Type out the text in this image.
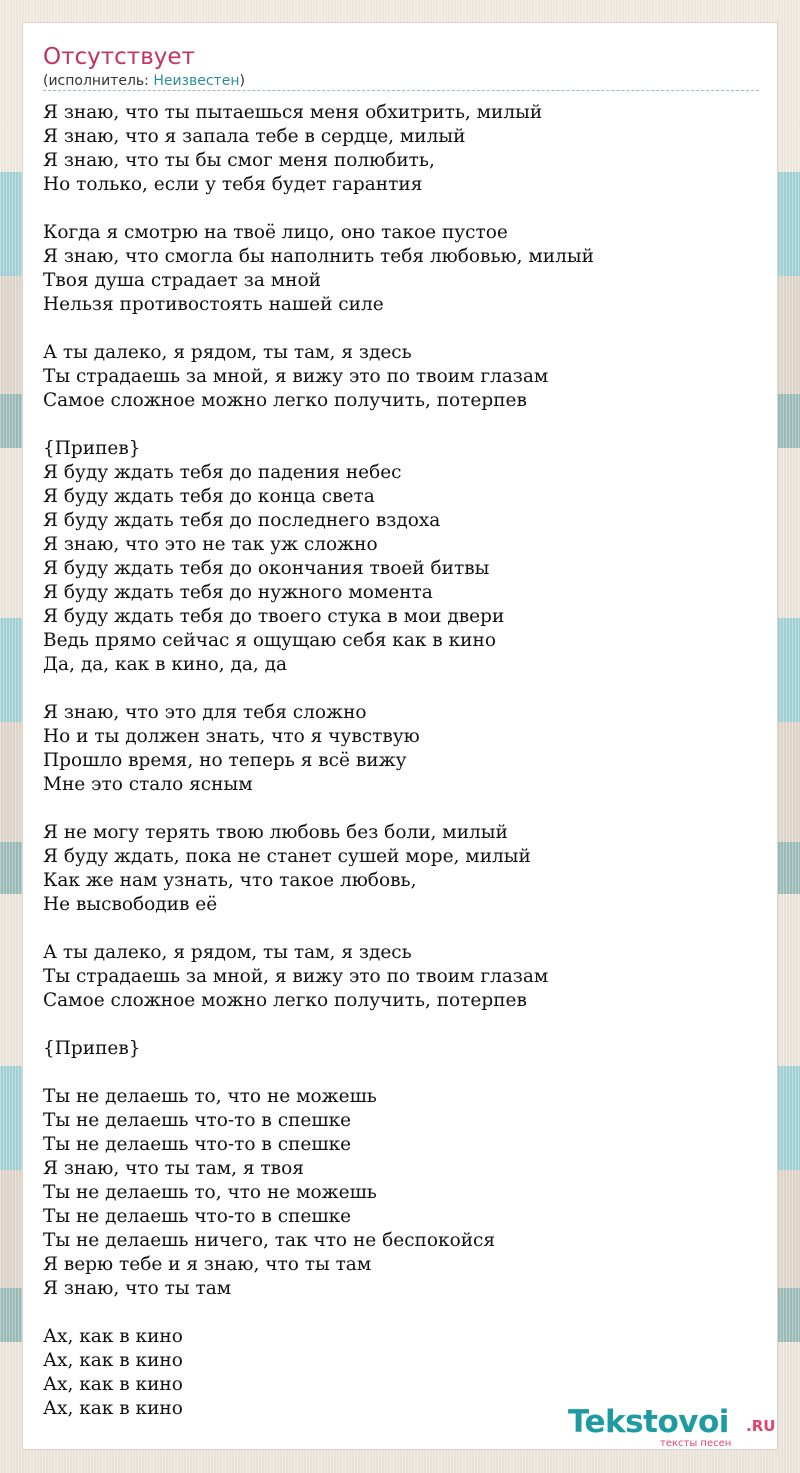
Отсутствует
(исполнитель: Неизвестен)
Я знаю, что ты пытаешься меня обхитрить, милый
Я знаю, что я запала тебе в сердце, милый
Я знаю, что ты бы смог меня полюбить,
Но только, если у тебя будет гарантия
Когда я смотрю на твоё лицо, оно такое пустое
Я знаю, что смогла бы наполнить тебя любовью, милый
Твоя душа страдает за мной
Нельзя противостоять нашей силе
А ты далеко, я рядом, ты там, я здесь
Ты страдаешь за мной, я вижу это по твоим глазам
Самое сложное можно легко получить, потерпев
{Припев}
Я буду ждать тебя до падения небес
Я буду ждать тебя до конца света
Я буду ждать тебя до последнего вздоха
Я знаю, что это не так уж сложно
Я буду ждать тебя до окончания твоей битвы
Я буду ждать тебя до нужного момента
Я буду ждать тебя до твоего стука в мои двери
Ведь прямо сейчас я ощущаю себя как в кино
Да, да, как в кино, да, да
Я знаю, что это для тебя сложно
Но и ты должен знать, что я чувствую
Прошло время, но теперь я всё вижу
Мне это стало ясным
Я не могу терять твою любовь без боли, милый
Я буду ждать, пока не станет сушей море, милый
Как же нам узнать, что такое любовь,
Не высвободив её
А ты далеко, я рядом, ты там, я здесь
Ты страдаешь за мной, я вижу это по твоим глазам
Самое сложное можно легко получить, потерпев
{Припев}
Ты не делаешь то, что не можешь
Ты не делаешь что-то в спешке
Ты не делаешь что-то в спешке
Я знаю, что ты там, я твоя
Ты не делаешь то, что не можешь
Ты не делаешь что-то в спешке
Ты не делаешь ничего, так что не беспокойся
Я верю тебе и я знаю, что ты там
Я знаю, что ты там
Ах, как в кино
Ах, как в кино
Ах, как в кино
Ах, как в кино	Tekstovoi .RU
тексты песен
